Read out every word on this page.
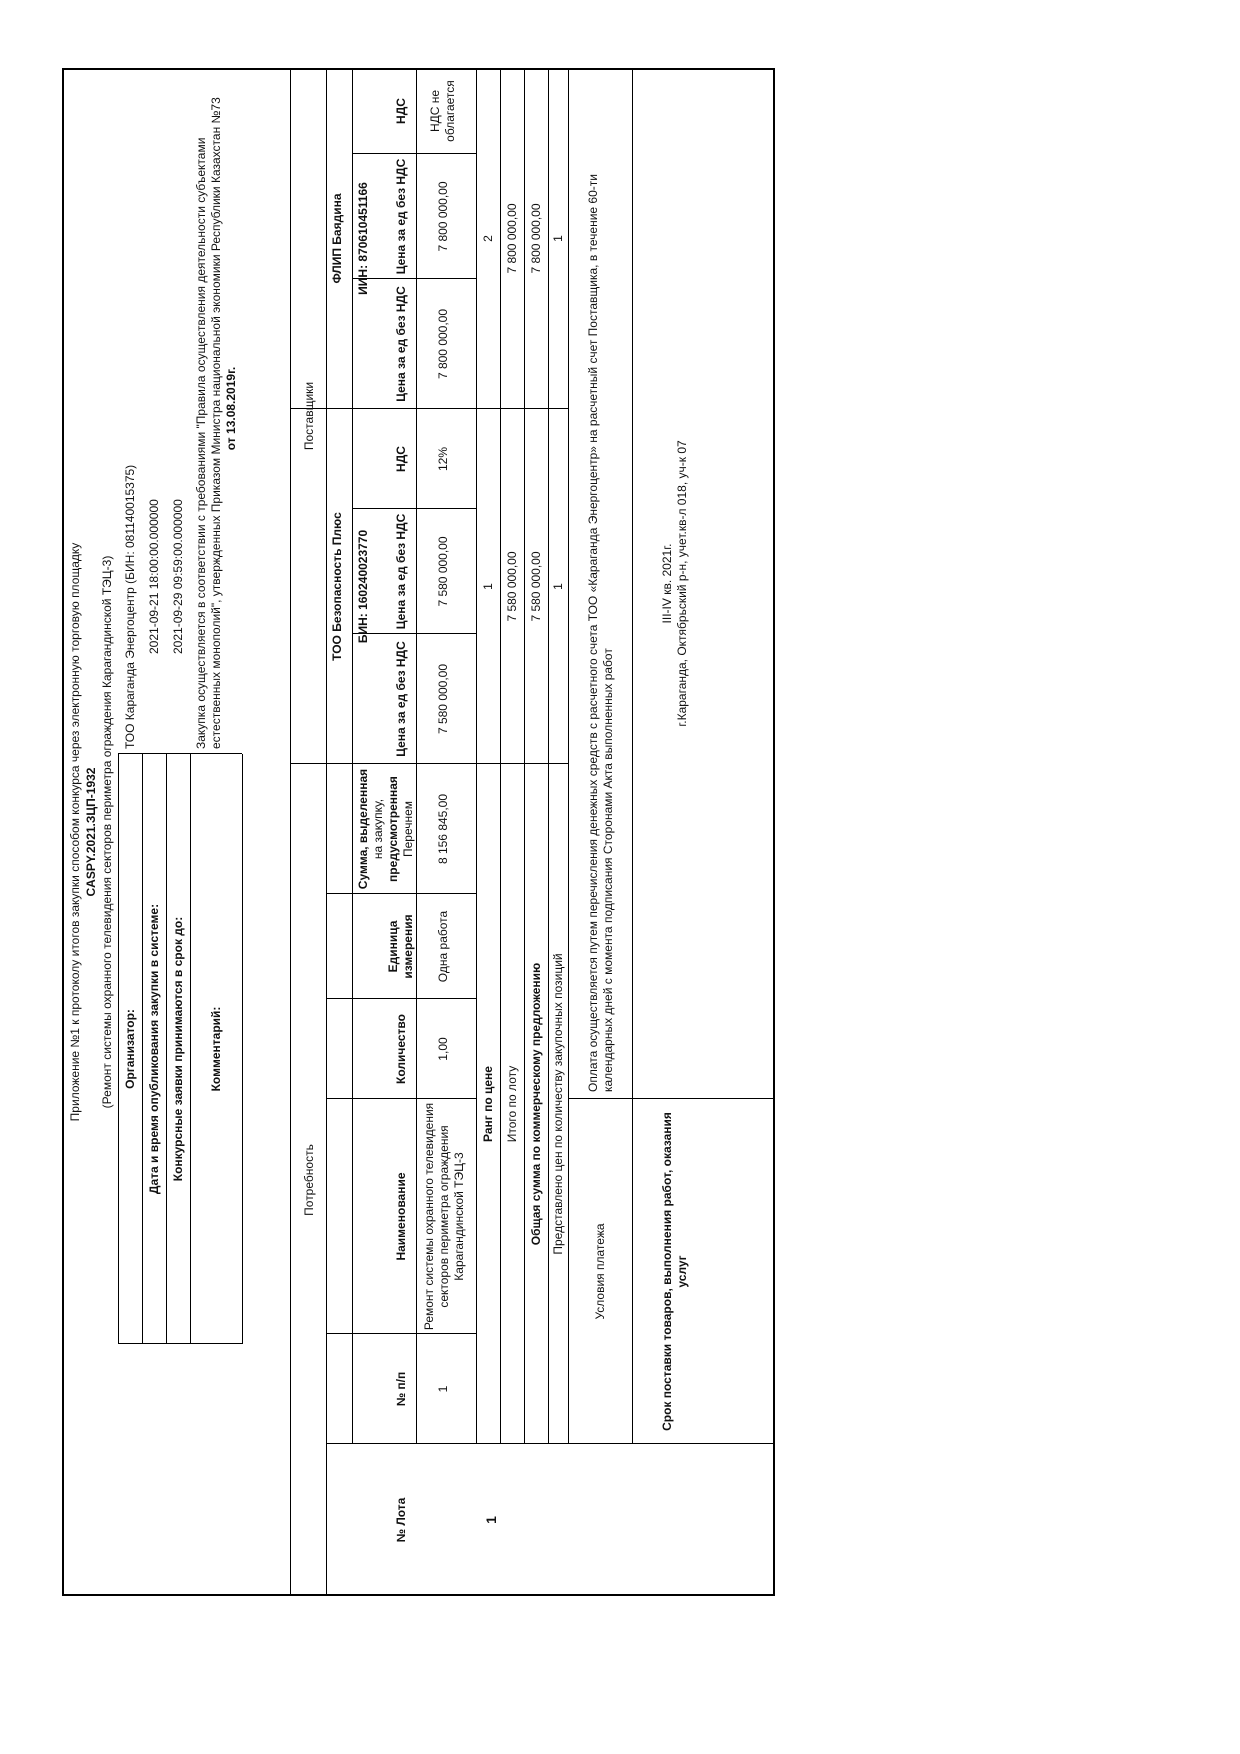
Приложение №1 к протоколу итогов закупки способом конкурса через электронную торговую площадку CASPY.2021.ЗЦП-1932 (Ремонт системы охранного телевидения секторов периметра ограждения Карагандинской ТЭЦ-3) Организатор:
ТОО Караганда Энергоцентр (БИН: 081140015375)
Дата и время опубликования закупки в системе:
2021-09-21 18:00:00.000000
Конкурсные заявки принимаются в срок до:
2021-09-29 09:59:00.000000
Комментарий:
Закупка осуществляется в соответствии с требованиями "Правила осуществления деятельности субъектами естественных монополий", утвержденных Приказом Министра национальной экономики Республики Казахстан №73 от 13.08.2019г.
Потребность
Поставщики
ТОО Безопасность Плюс БИН: 160240023770
ФЛИП Баядина ИИН: 870610451166
№ Лота
№ п/п
Наименование
Количество
Единица измерения
Сумма, выделенная на закупку, предусмотренная Перечнем
Цена за ед без НДС
Цена за ед без НДС
НДС
Цена за ед без НДС
Цена за ед без НДС
НДС
1
1
Ремонт системы охранного телевидения секторов периметра ограждения Карагандинской ТЭЦ-3
1,00
Одна работа
8 156 845,00
7 580 000,00
7 580 000,00
12%
7 800 000,00
7 800 000,00
НДС не облагается
Ранг по цене
1
2
Итого по лоту
7 580 000,00
7 800 000,00
Общая сумма по коммерческому предложению
7 580 000,00
7 800 000,00
Представлено цен по количеству закупочных позиций
1
1
Условия платежа
Оплата осуществляется путем перечисления денежных средств с расчетного счета ТОО «Караганда Энергоцентр» на расчетный счет Поставщика, в течение 60-ти календарных дней с момента подписания Сторонами Акта выполненных работ
Срок поставки товаров, выполнения работ, оказания услуг
III-IV кв. 2021г. г.Караганда, Октябрьский р-н, учет.кв-л 018, уч-к 07
